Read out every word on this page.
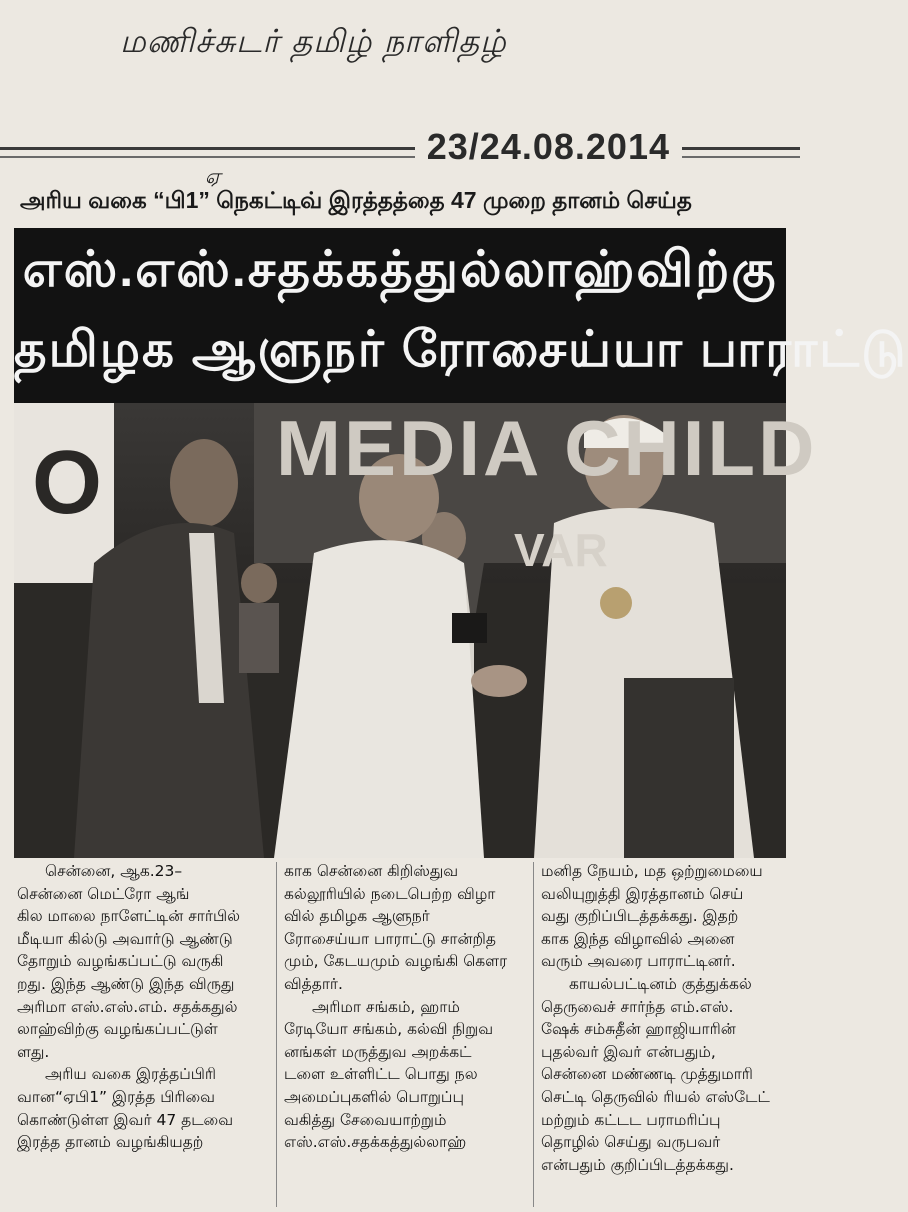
மணிச்சுடர் தமிழ் நாளிதழ்
23/24.08.2014
அரிய வகை “பி1” நெகட்டிவ் இரத்தத்தை 47 முறை தானம் செய்த
ஏ
எஸ்.எஸ்.சதக்கத்துல்லாஹ்விற்கு
தமிழக ஆளுநர் ரோசைய்யா பாராட்டு
O MEDIA CHILD
VAR
சென்னை, ஆக.23–
சென்னை மெட்ரோ ஆங்
கில மாலை நாளேட்டின் சார்பில்
மீடியா கில்டு அவார்டு ஆண்டு
தோறும் வழங்கப்பட்டு வருகி
றது. இந்த ஆண்டு இந்த விருது
அரிமா எஸ்.எஸ்.எம். சதக்கதுல்
லாஹ்விற்கு வழங்கப்பட்டுள்
ளது.
அரிய வகை இரத்தப்பிரி
வான“ஏபி1” இரத்த பிரிவை
கொண்டுள்ள இவர் 47 தடவை
இரத்த தானம் வழங்கியதற்
காக சென்னை கிறிஸ்துவ
கல்லூரியில் நடைபெற்ற விழா
வில் தமிழக ஆளுநர்
ரோசைய்யா பாராட்டு சான்றித
மும், கேடயமும் வழங்கி கௌர
வித்தார்.
அரிமா சங்கம், ஹாம்
ரேடியோ சங்கம், கல்வி நிறுவ
னங்கள் மருத்துவ அறக்கட்
டளை உள்ளிட்ட பொது நல
அமைப்புகளில் பொறுப்பு
வகித்து சேவையாற்றும்
எஸ்.எஸ்.சதக்கத்துல்லாஹ்
மனித நேயம், மத ஒற்றுமையை
வலியுறுத்தி இரத்தானம் செய்
வது குறிப்பிடத்தக்கது. இதற்
காக இந்த விழாவில் அனை
வரும் அவரை பாராட்டினர்.
காயல்பட்டினம் குத்துக்கல்
தெருவைச் சார்ந்த எம்.எஸ்.
ஷேக் சம்சுதீன் ஹாஜியாரின்
புதல்வர் இவர் என்பதும்,
சென்னை மண்ணடி முத்துமாரி
செட்டி தெருவில் ரியல் எஸ்டேட்
மற்றும் கட்டட பராமரிப்பு
தொழில் செய்து வருபவர்
என்பதும் குறிப்பிடத்தக்கது.
